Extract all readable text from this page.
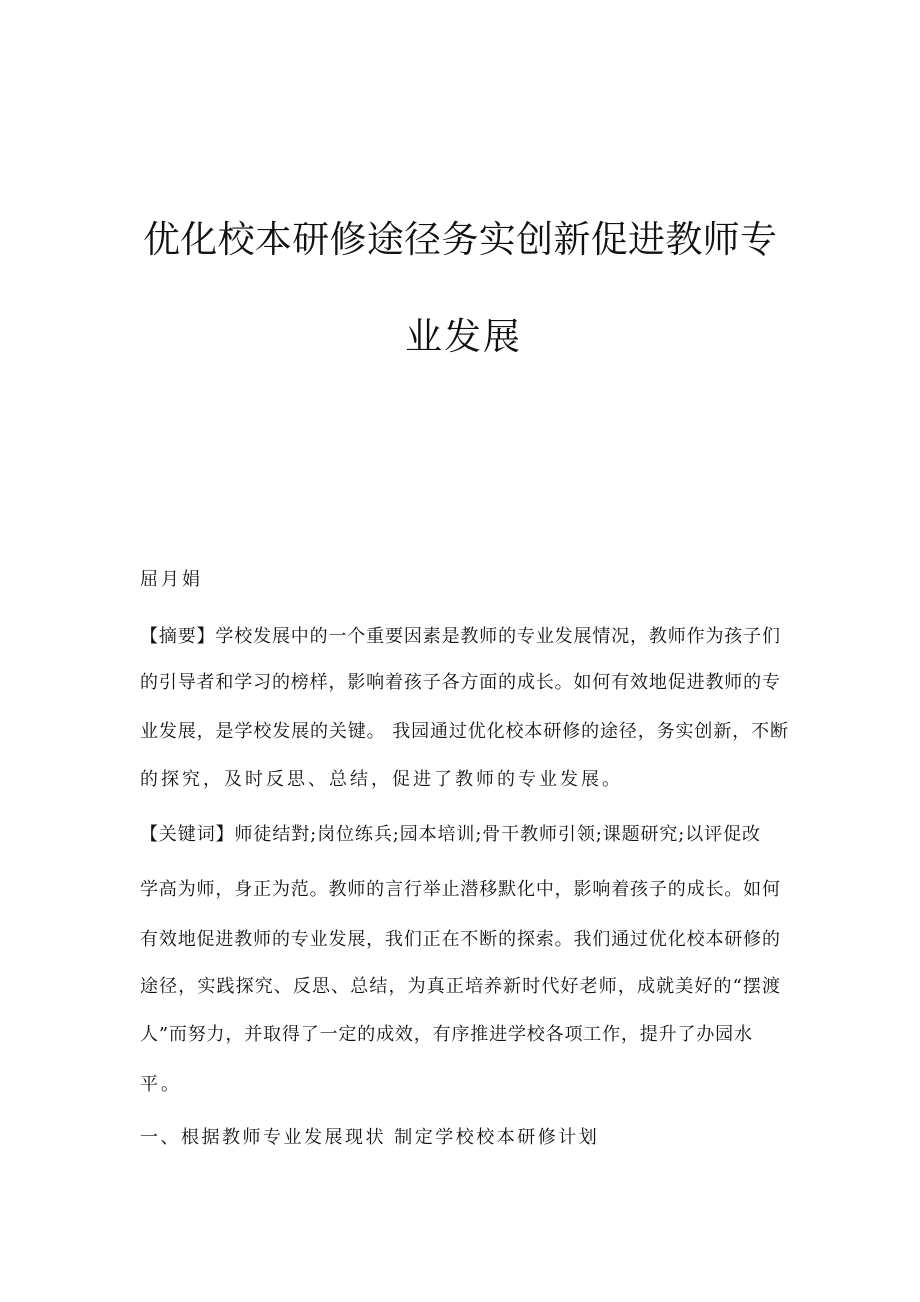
优化校本研修途径务实创新促进教师专
业发展
屈月娟
【摘要】学校发展中的一个重要因素是教师的专业发展情况，教师作为孩子们
的引导者和学习的榜样，影响着孩子各方面的成长。如何有效地促进教师的专
业发展，是学校发展的关键。 我园通过优化校本研修的途径，务实创新，不断
的探究，及时反思、总结，促进了教师的专业发展。
【关键词】师徒结對;岗位练兵;园本培训;骨干教师引领;课题研究;以评促改
学高为师，身正为范。教师的言行举止潜移默化中，影响着孩子的成长。如何
有效地促进教师的专业发展，我们正在不断的探索。我们通过优化校本研修的
途径，实践探究、反思、总结，为真正培养新时代好老师，成就美好的“摆渡
人”而努力，并取得了一定的成效，有序推进学校各项工作，提升了办园水
平。
一、根据教师专业发展现状 制定学校校本研修计划
